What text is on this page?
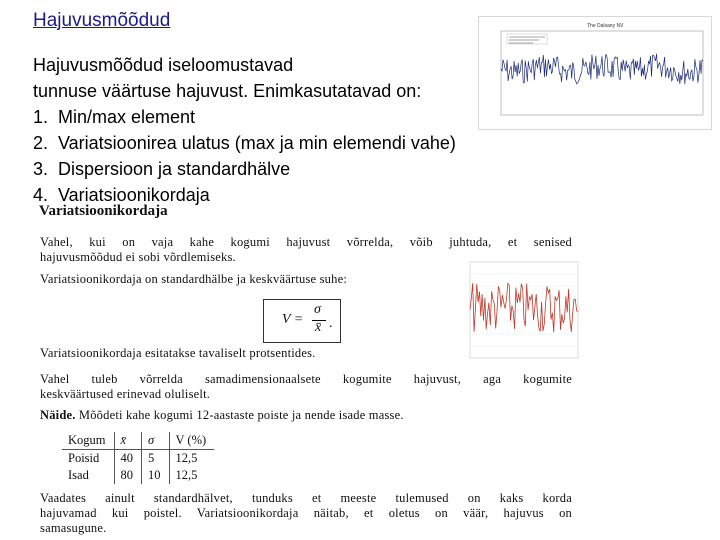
Hajuvusmõõdud
Hajuvusmõõdud iseloomustavad
tunnuse väärtuse hajuvust. Enimkasutatavad on:
1. Min/max element
2. Variatsioonirea ulatus (max ja min elemendi vahe)
3. Dispersioon ja standardhälve
4. Variatsioonikordaja
The Dalsany NV
Variatsioonikordaja
Vahel, kui on vaja kahe kogumi hajuvust võrrelda, võib juhtuda, et senised
hajuvusmõõdud ei sobi võrdlemiseks.
Variatsioonikordaja on standardhälbe ja keskväärtuse suhe:
V =
σ
x̄ .
Variatsioonikordaja esitatakse tavaliselt protsentides.
Vahel tuleb võrrelda samadimensionaalsete kogumite hajuvust, aga kogumite
keskväärtused erinevad oluliselt.
Näide. Mõõdeti kahe kogumi 12-aastaste poiste ja nende isade masse.
Kogum	x̄	σ	V (%)
Poisid	40	5	12,5
Isad	80	10	12,5
Vaadates ainult standardhälvet, tunduks et meeste tulemused on kaks korda
hajuvamad kui poistel. Variatsioonikordaja näitab, et oletus on väär, hajuvus on
samasugune.
